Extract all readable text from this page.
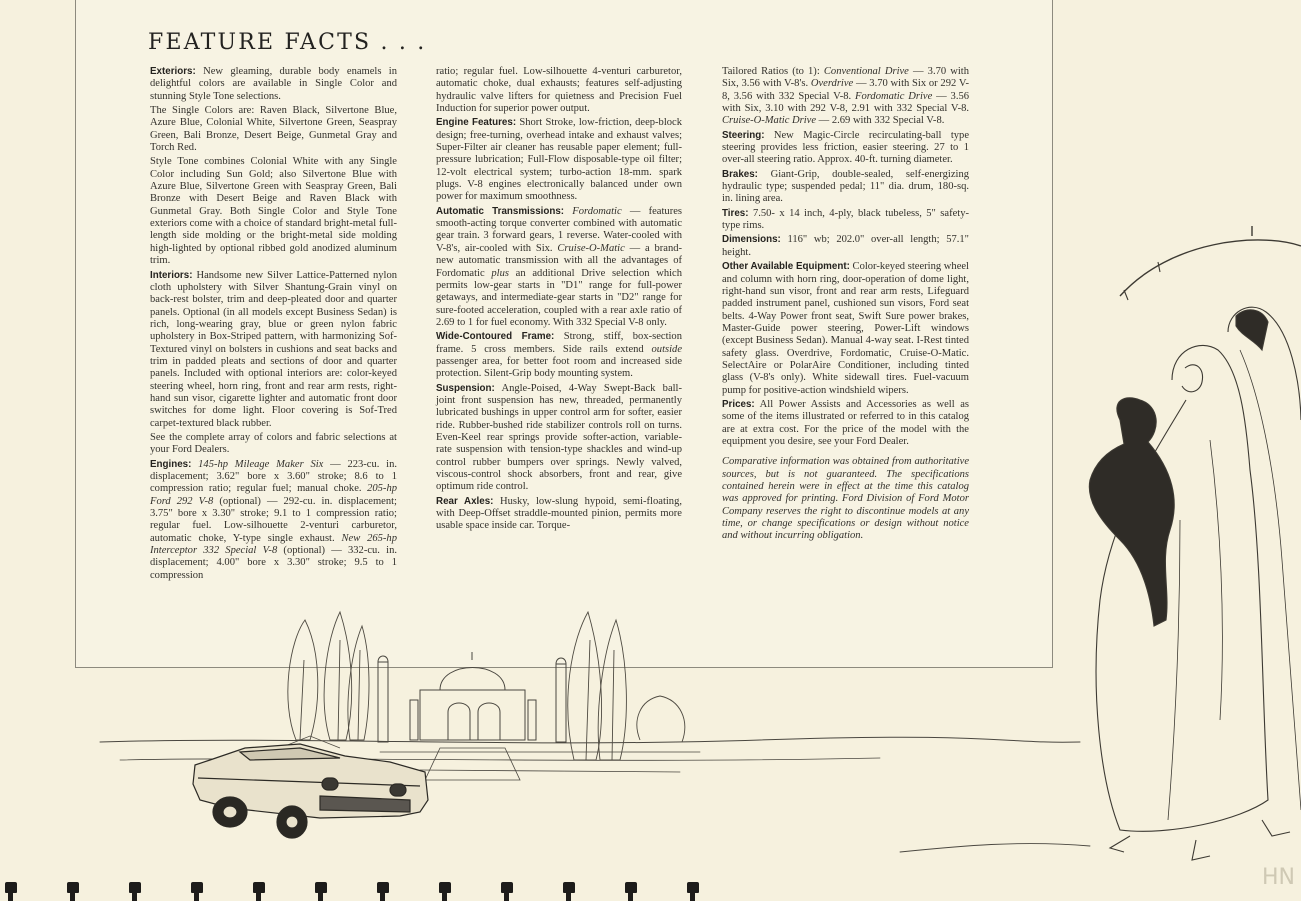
FEATURE FACTS . . .

Exteriors: New gleaming, durable body enamels in delightful colors are available in Single Color and stunning Style Tone selections.

The Single Colors are: Raven Black, Silvertone Blue, Azure Blue, Colonial White, Silvertone Green, Seaspray Green, Bali Bronze, Desert Beige, Gunmetal Gray and Torch Red.

Style Tone combines Colonial White with any Single Color including Sun Gold; also Silvertone Blue with Azure Blue, Silvertone Green with Seaspray Green, Bali Bronze with Desert Beige and Raven Black with Gunmetal Gray. Both Single Color and Style Tone exteriors come with a choice of standard bright-metal full-length side molding or the bright-metal side molding high-lighted by optional ribbed gold anodized aluminum trim.

Interiors: Handsome new Silver Lattice-Patterned nylon cloth upholstery with Silver Shantung-Grain vinyl on back-rest bolster, trim and deep-pleated door and quarter panels. Optional (in all models except Business Sedan) is rich, long-wearing gray, blue or green nylon fabric upholstery in Box-Striped pattern, with harmonizing Sof-Textured vinyl on bolsters in cushions and seat backs and trim in padded pleats and sections of door and quarter panels. Included with optional interiors are: color-keyed steering wheel, horn ring, front and rear arm rests, right-hand sun visor, cigarette lighter and automatic front door switches for dome light. Floor covering is Sof-Tred carpet-textured black rubber.

See the complete array of colors and fabric selections at your Ford Dealers.

Engines: 145-hp Mileage Maker Six — 223-cu. in. displacement; 3.62" bore x 3.60" stroke; 8.6 to 1 compression ratio; regular fuel; manual choke. 205-hp Ford 292 V-8 (optional) — 292-cu. in. displacement; 3.75" bore x 3.30" stroke; 9.1 to 1 compression ratio; regular fuel. Low-silhouette 2-venturi carburetor, automatic choke, Y-type single exhaust. New 265-hp Interceptor 332 Special V-8 (optional) — 332-cu. in. displacement; 4.00" bore x 3.30" stroke; 9.5 to 1 compression

ratio; regular fuel. Low-silhouette 4-venturi carburetor, automatic choke, dual exhausts; features self-adjusting hydraulic valve lifters for quietness and Precision Fuel Induction for superior power output.

Engine Features: Short Stroke, low-friction, deep-block design; free-turning, overhead intake and exhaust valves; Super-Filter air cleaner has reusable paper element; full-pressure lubrication; Full-Flow disposable-type oil filter; 12-volt electrical system; turbo-action 18-mm. spark plugs. V-8 engines electronically balanced under own power for maximum smoothness.

Automatic Transmissions: Fordomatic — features smooth-acting torque converter combined with automatic gear train. 3 forward gears, 1 reverse. Water-cooled with V-8's, air-cooled with Six. Cruise-O-Matic — a brand-new automatic transmission with all the advantages of Fordomatic plus an additional Drive selection which permits low-gear starts in "D1" range for full-power getaways, and intermediate-gear starts in "D2" range for sure-footed acceleration, coupled with a rear axle ratio of 2.69 to 1 for fuel economy. With 332 Special V-8 only.

Wide-Contoured Frame: Strong, stiff, box-section frame. 5 cross members. Side rails extend outside passenger area, for better foot room and increased side protection. Silent-Grip body mounting system.

Suspension: Angle-Poised, 4-Way Swept-Back ball-joint front suspension has new, threaded, permanently lubricated bushings in upper control arm for softer, easier ride. Rubber-bushed ride stabilizer controls roll on turns. Even-Keel rear springs provide softer-action, variable-rate suspension with tension-type shackles and wind-up control rubber bumpers over springs. Newly valved, viscous-control shock absorbers, front and rear, give optimum ride control.

Rear Axles: Husky, low-slung hypoid, semi-floating, with Deep-Offset straddle-mounted pinion, permits more usable space inside car. Torque-

Tailored Ratios (to 1): Conventional Drive — 3.70 with Six, 3.56 with V-8's. Overdrive — 3.70 with Six or 292 V-8, 3.56 with 332 Special V-8. Fordomatic Drive — 3.56 with Six, 3.10 with 292 V-8, 2.91 with 332 Special V-8. Cruise-O-Matic Drive — 2.69 with 332 Special V-8.

Steering: New Magic-Circle recirculating-ball type steering provides less friction, easier steering. 27 to 1 over-all steering ratio. Approx. 40-ft. turning diameter.

Brakes: Giant-Grip, double-sealed, self-energizing hydraulic type; suspended pedal; 11" dia. drum, 180-sq. in. lining area.

Tires: 7.50- x 14 inch, 4-ply, black tubeless, 5" safety-type rims.

Dimensions: 116" wb; 202.0" over-all length; 57.1" height.

Other Available Equipment: Color-keyed steering wheel and column with horn ring, door-operation of dome light, right-hand sun visor, front and rear arm rests, Lifeguard padded instrument panel, cushioned sun visors, Ford seat belts. 4-Way Power front seat, Swift Sure power brakes, Master-Guide power steering, Power-Lift windows (except Business Sedan). Manual 4-way seat. I-Rest tinted safety glass. Overdrive, Fordomatic, Cruise-O-Matic. SelectAire or PolarAire Conditioner, including tinted glass (V-8's only). White sidewall tires. Fuel-vacuum pump for positive-action windshield wipers.

Prices: All Power Assists and Accessories as well as some of the items illustrated or referred to in this catalog are at extra cost. For the price of the model with the equipment you desire, see your Ford Dealer.

Comparative information was obtained from authoritative sources, but is not guaranteed. The specifications contained herein were in effect at the time this catalog was approved for printing. Ford Division of Ford Motor Company reserves the right to discontinue models at any time, or change specifications or design without notice and without incurring obligation.

HN
